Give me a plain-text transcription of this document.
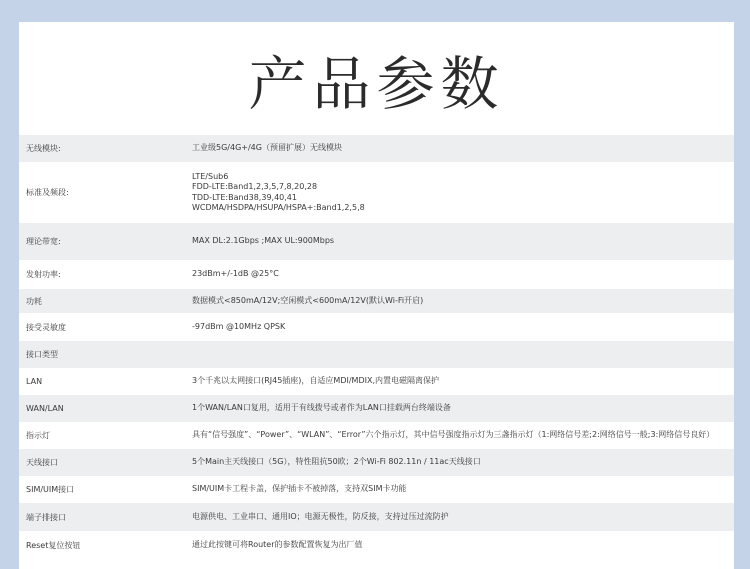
产品参数
无线模块:	工业级5G/4G+/4G（预留扩展）无线模块

标准及频段:	LTE/Sub6
FDD-LTE:Band1,2,3,5,7,8,20,28
TDD-LTE:Band38,39,40,41
WCDMA/HSDPA/HSUPA/HSPA+:Band1,2,5,8

理论带宽:	MAX DL:2.1Gbps ;MAX UL:900Mbps

发射功率:	23dBm+/-1dB @25°C

功耗	数据模式<850mA/12V;空闲模式<600mA/12V(默认Wi-Fi开启)

接受灵敏度	-97dBm @10MHz QPSK

接口类型	

LAN	3个千兆以太网接口(RJ45插座)，自适应MDI/MDIX,内置电磁隔离保护

WAN/LAN	1个WAN/LAN口复用，适用于有线拨号或者作为LAN口挂载两台终端设备

指示灯	具有“信号强度”、“Power”、“WLAN”、“Error”六个指示灯，其中信号强度指示灯为三盏指示灯（1:网络信号差;2:网络信号一般;3:网络信号良好）

天线接口	5个Main主天线接口（5G），特性阻抗50欧；2个Wi-Fi 802.11n / 11ac天线接口

SIM/UIM接口	SIM/UIM卡工程卡盖，保护插卡不被掉落，支持双SIM卡功能

端子排接口	电源供电、工业串口、通用IO；电源无极性，防反接，支持过压过流防护

Reset复位按钮	通过此按键可将Router的参数配置恢复为出厂值
